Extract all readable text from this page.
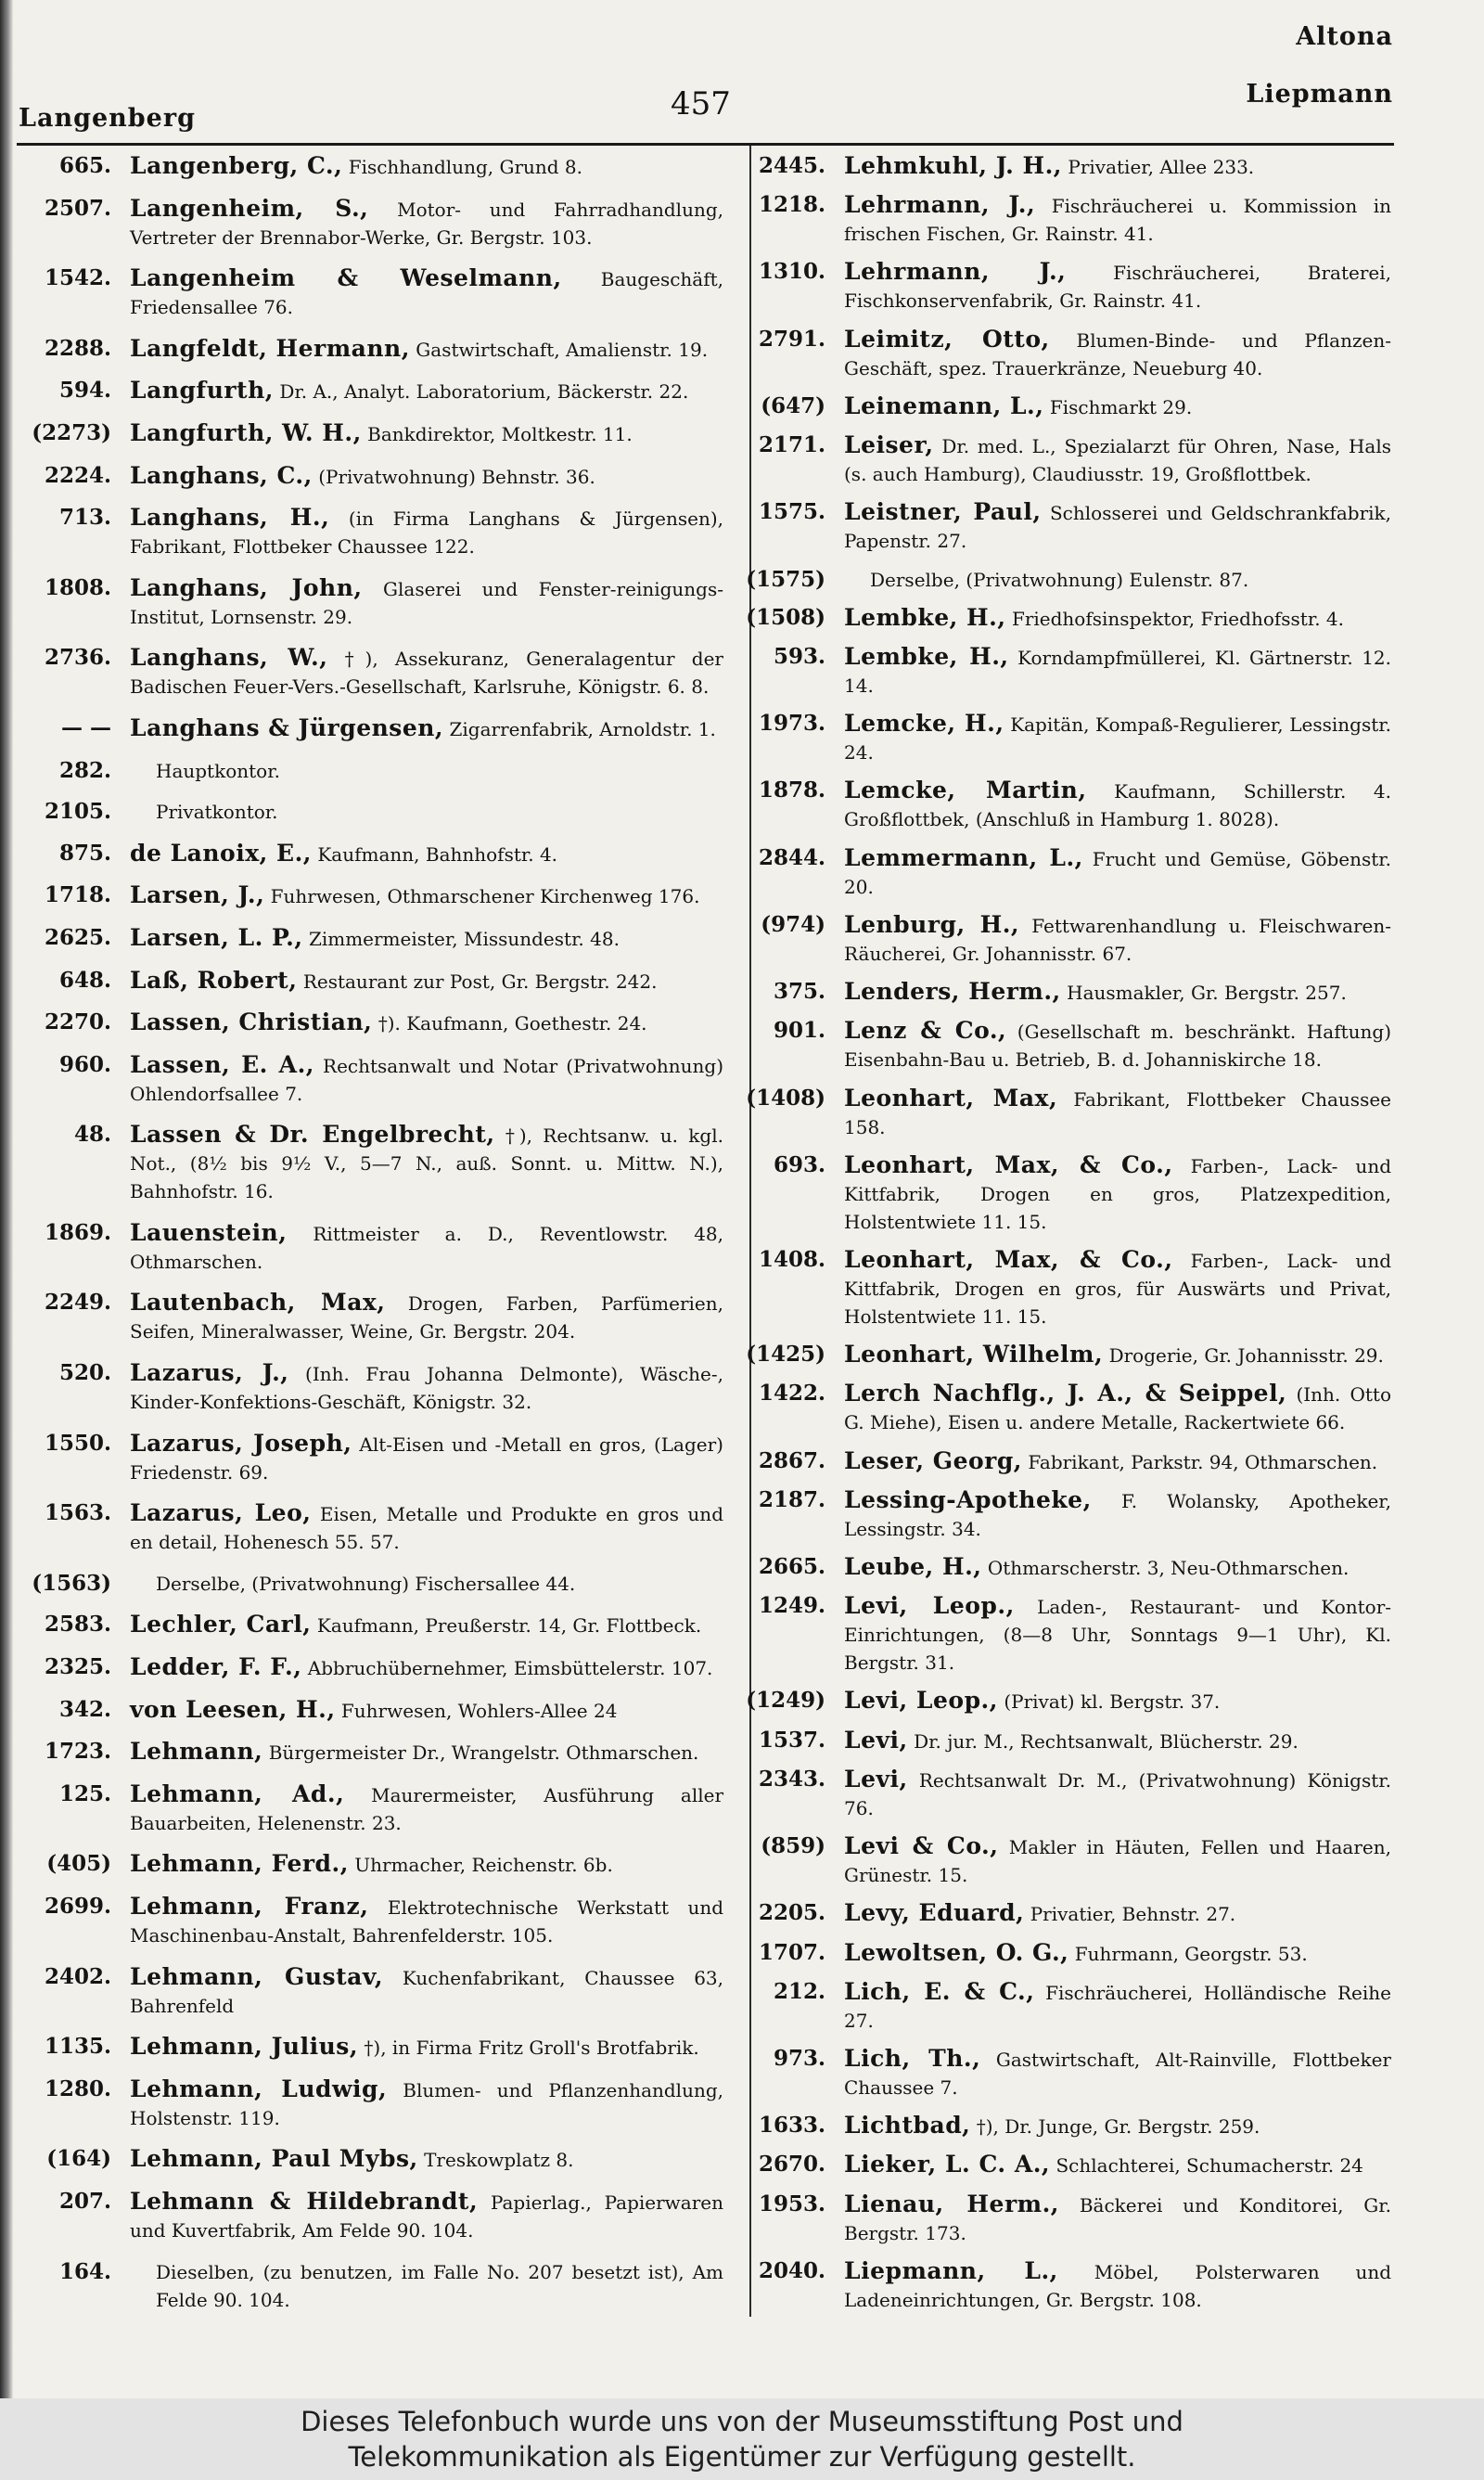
Altona
457
Langenberg
Liepmann
665. Langenberg, C., Fischhandlung, Grund 8.
2507. Langenheim, S., Motor- und Fahrradhandlung, Vertreter der Brennabor-Werke, Gr. Bergstr. 103.
1542. Langenheim & Weselmann, Baugeschäft, Friedensallee 76.
2288. Langfeldt, Hermann, Gastwirtschaft, Amalienstr. 19.
594. Langfurth, Dr. A., Analyt. Laboratorium, Bäckerstr. 22.
(2273) Langfurth, W. H., Bankdirektor, Moltkestr. 11.
2224. Langhans, C., (Privatwohnung) Behnstr. 36.
713. Langhans, H., (in Firma Langhans & Jürgensen), Fabrikant, Flottbeker Chaussee 122.
1808. Langhans, John, Glaserei und Fenster-reinigungs-Institut, Lornsenstr. 29.
2736. Langhans, W., †), Assekuranz, Generalagentur der Badischen Feuer-Vers.-Gesellschaft, Karlsruhe, Königstr. 6. 8.
— — Langhans & Jürgensen, Zigarrenfabrik, Arnoldstr. 1.
282. Hauptkontor.
2105. Privatkontor.
875. de Lanoix, E., Kaufmann, Bahnhofstr. 4.
1718. Larsen, J., Fuhrwesen, Othmarschener Kirchenweg 176.
2625. Larsen, L. P., Zimmermeister, Missundestr. 48.
648. Laß, Robert, Restaurant zur Post, Gr. Bergstr. 242.
2270. Lassen, Christian, †). Kaufmann, Goethestr. 24.
960. Lassen, E. A., Rechtsanwalt und Notar (Privatwohnung) Ohlendorfsallee 7.
48. Lassen & Dr. Engelbrecht, †), Rechtsanw. u. kgl. Not., (8½ bis 9½ V., 5—7 N., auß. Sonnt. u. Mittw. N.), Bahnhofstr. 16.
1869. Lauenstein, Rittmeister a. D., Reventlowstr. 48, Othmarschen.
2249. Lautenbach, Max, Drogen, Farben, Parfümerien, Seifen, Mineralwasser, Weine, Gr. Bergstr. 204.
520. Lazarus, J., (Inh. Frau Johanna Delmonte), Wäsche-, Kinder-Konfektions-Geschäft, Königstr. 32.
1550. Lazarus, Joseph, Alt-Eisen und -Metall en gros, (Lager) Friedenstr. 69.
1563. Lazarus, Leo, Eisen, Metalle und Produkte en gros und en detail, Hohenesch 55. 57.
(1563) Derselbe, (Privatwohnung) Fischersallee 44.
2583. Lechler, Carl, Kaufmann, Preußerstr. 14, Gr. Flottbeck.
2325. Ledder, F. F., Abbruchübernehmer, Eimsbüttelerstr. 107.
342. von Leesen, H., Fuhrwesen, Wohlers-Allee 24
1723. Lehmann, Bürgermeister Dr., Wrangelstr. Othmarschen.
125. Lehmann, Ad., Maurermeister, Ausführung aller Bauarbeiten, Helenenstr. 23.
(405) Lehmann, Ferd., Uhrmacher, Reichenstr. 6b.
2699. Lehmann, Franz, Elektrotechnische Werkstatt und Maschinenbau-Anstalt, Bahrenfelderstr. 105.
2402. Lehmann, Gustav, Kuchenfabrikant, Chaussee 63, Bahrenfeld
1135. Lehmann, Julius, †), in Firma Fritz Groll's Brotfabrik.
1280. Lehmann, Ludwig, Blumen- und Pflanzenhandlung, Holstenstr. 119.
(164) Lehmann, Paul Mybs, Treskowplatz 8.
207. Lehmann & Hildebrandt, Papierlag., Papierwaren und Kuvertfabrik, Am Felde 90. 104.
164. Dieselben, (zu benutzen, im Falle No. 207 besetzt ist), Am Felde 90. 104.
2445. Lehmkuhl, J. H., Privatier, Allee 233.
1218. Lehrmann, J., Fischräucherei u. Kommission in frischen Fischen, Gr. Rainstr. 41.
1310. Lehrmann, J.,	Fischräucherei, Braterei, Fischkonservenfabrik, Gr. Rainstr. 41.
2791. Leimitz, Otto, Blumen-Binde- und Pflanzen-Geschäft, spez. Trauerkränze, Neueburg 40.
(647) Leinemann, L., Fischmarkt 29.
2171. Leiser, Dr. med. L., Spezialarzt für Ohren, Nase, Hals (s. auch Hamburg), Claudiusstr. 19, Großflottbek.
1575. Leistner, Paul, Schlosserei und Geldschrankfabrik, Papenstr. 27.
(1575) Derselbe, (Privatwohnung) Eulenstr. 87.
(1508) Lembke, H., Friedhofsinspektor, Friedhofsstr. 4.
593. Lembke, H., Korndampfmüllerei, Kl. Gärtnerstr. 12. 14.
1973. Lemcke, H., Kapitän, Kompaß-Regulierer, Lessingstr. 24.
1878. Lemcke, Martin, Kaufmann, Schillerstr. 4. Großflottbek, (Anschluß in Hamburg 1. 8028).
2844. Lemmermann, L., Frucht und Gemüse, Göbenstr. 20.
(974) Lenburg, H., Fettwarenhandlung u. Fleischwaren-Räucherei, Gr. Johannisstr. 67.
375. Lenders, Herm., Hausmakler, Gr. Bergstr. 257.
901. Lenz & Co., (Gesellschaft m. beschränkt. Haftung) Eisenbahn-Bau u. Betrieb, B. d. Johanniskirche 18.
(1408) Leonhart, Max, Fabrikant, Flottbeker Chaussee 158.
693. Leonhart, Max, & Co., Farben-, Lack- und Kittfabrik, Drogen en gros, Platzexpedition, Holstentwiete 11. 15.
1408. Leonhart, Max, & Co., Farben-, Lack- und Kittfabrik, Drogen en gros, für Auswärts und Privat, Holstentwiete 11. 15.
(1425) Leonhart, Wilhelm, Drogerie, Gr. Johannisstr. 29.
1422. Lerch Nachflg., J. A., & Seippel, (Inh. Otto G. Miehe), Eisen u. andere Metalle, Rackertwiete 66.
2867. Leser, Georg, Fabrikant, Parkstr. 94, Othmarschen.
2187. Lessing-Apotheke, F. Wolansky, Apotheker, Lessingstr. 34.
2665. Leube, H., Othmarscherstr. 3, Neu-Othmarschen.
1249. Levi, Leop., Laden-, Restaurant- und Kontor-Einrichtungen, (8—8 Uhr, Sonntags 9—1 Uhr), Kl. Bergstr. 31.
(1249) Levi, Leop., (Privat) kl. Bergstr. 37.
1537. Levi, Dr. jur. M., Rechtsanwalt, Blücherstr. 29.
2343. Levi, Rechtsanwalt Dr. M., (Privatwohnung) Königstr. 76.
(859) Levi & Co., Makler in Häuten, Fellen und Haaren, Grünestr. 15.
2205. Levy, Eduard, Privatier, Behnstr. 27.
1707. Lewoltsen, O. G., Fuhrmann, Georgstr. 53.
212. Lich, E. & C., Fischräucherei, Holländische Reihe 27.
973. Lich, Th., Gastwirtschaft, Alt-Rainville, Flottbeker Chaussee 7.
1633. Lichtbad, †), Dr. Junge, Gr. Bergstr. 259.
2670. Lieker, L. C. A., Schlachterei, Schumacherstr. 24
1953. Lienau, Herm., Bäckerei und Konditorei, Gr. Bergstr. 173.
2040. Liepmann, L., Möbel, Polsterwaren und Ladeneinrichtungen, Gr. Bergstr. 108.
Dieses Telefonbuch wurde uns von der Museumsstiftung Post und
Telekommunikation als Eigentümer zur Verfügung gestellt.
